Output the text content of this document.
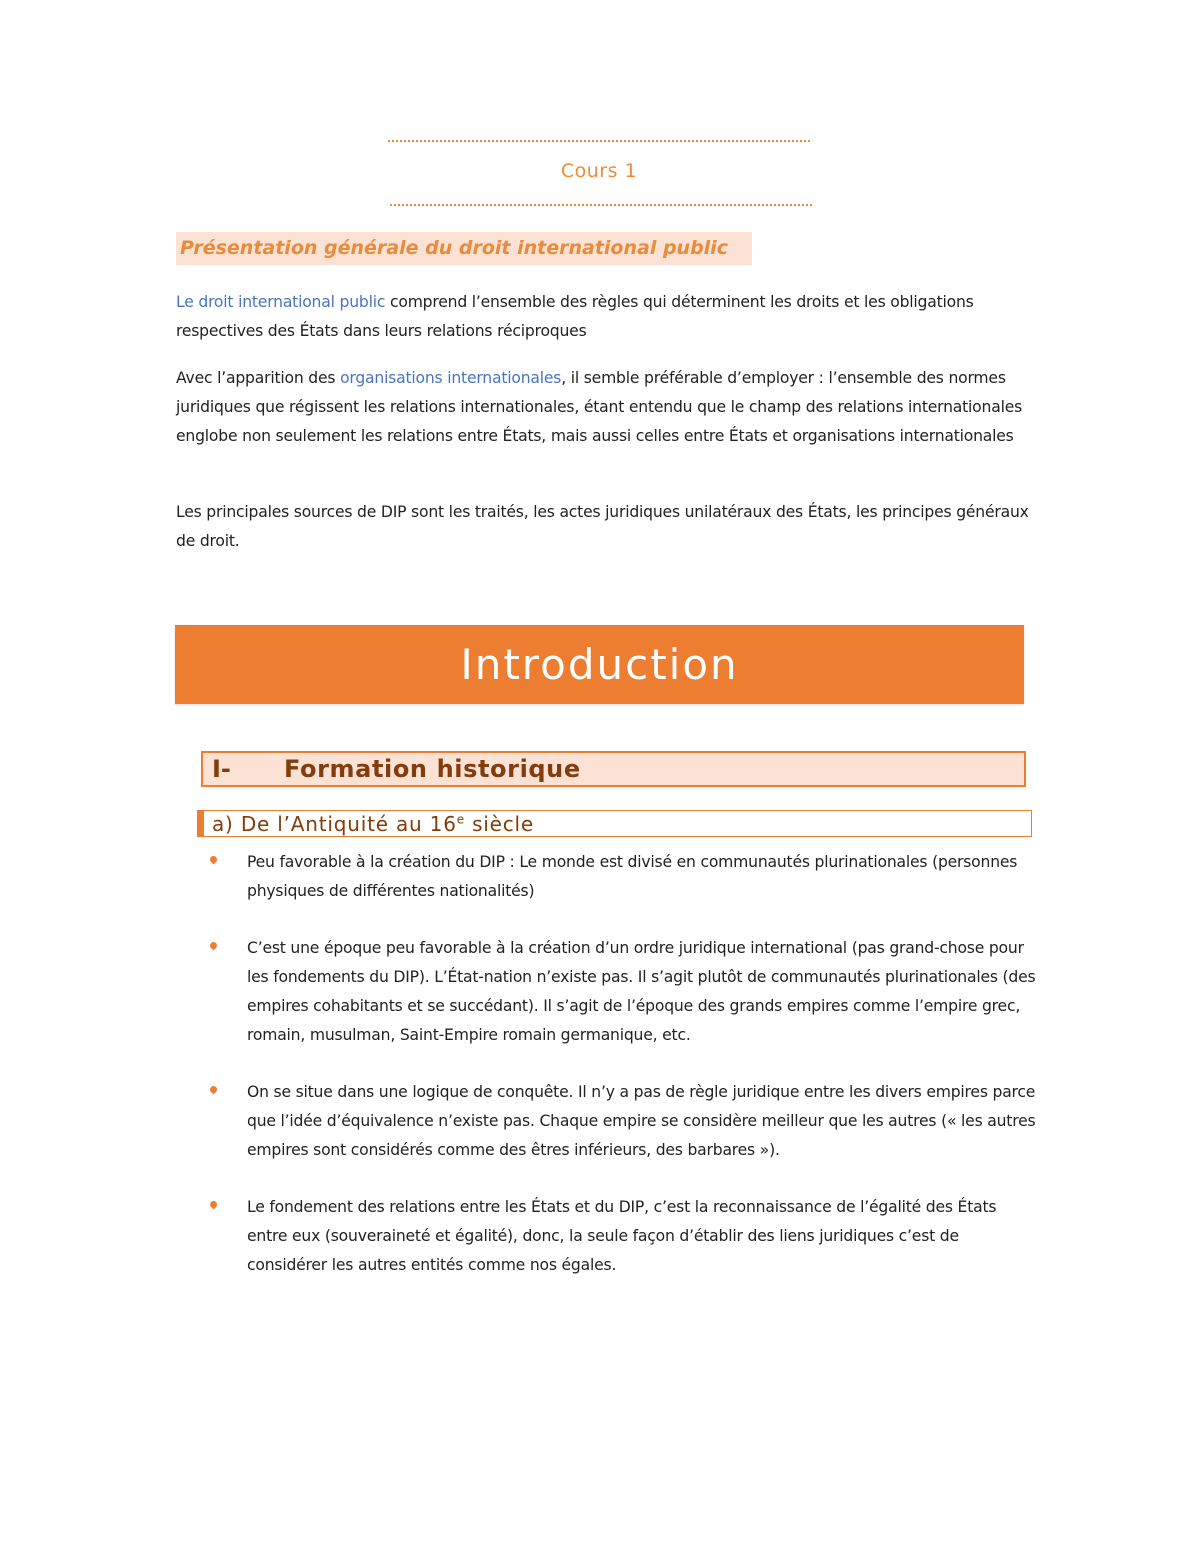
Cours 1
Présentation générale du droit international public

Le droit international public comprend l’ensemble des règles qui déterminent les droits et les obligations respectives des États dans leurs relations réciproques

Avec l’apparition des organisations internationales, il semble préférable d’employer : l’ensemble des normes juridiques que régissent les relations internationales, étant entendu que le champ des relations internationales englobe non seulement les relations entre États, mais aussi celles entre États et organisations internationales

Les principales sources de DIP sont les traités, les actes juridiques unilatéraux des États, les principes généraux de droit.

Introduction
I-	Formation historique
a) De l’Antiquité au 16e siècle
Peu favorable à la création du DIP : Le monde est divisé en communautés plurinationales (personnes physiques de différentes nationalités)
C’est une époque peu favorable à la création d’un ordre juridique international (pas grand-chose pour les fondements du DIP). L’État-nation n’existe pas. Il s’agit plutôt de communautés plurinationales (des empires cohabitants et se succédant). Il s’agit de l’époque des grands empires comme l’empire grec, romain, musulman, Saint-Empire romain germanique, etc.
On se situe dans une logique de conquête. Il n’y a pas de règle juridique entre les divers empires parce que l’idée d’équivalence n’existe pas. Chaque empire se considère meilleur que les autres (« les autres empires sont considérés comme des êtres inférieurs, des barbares »).
Le fondement des relations entre les États et du DIP, c’est la reconnaissance de l’égalité des États entre eux (souveraineté et égalité), donc, la seule façon d’établir des liens juridiques c’est de considérer les autres entités comme nos égales.
